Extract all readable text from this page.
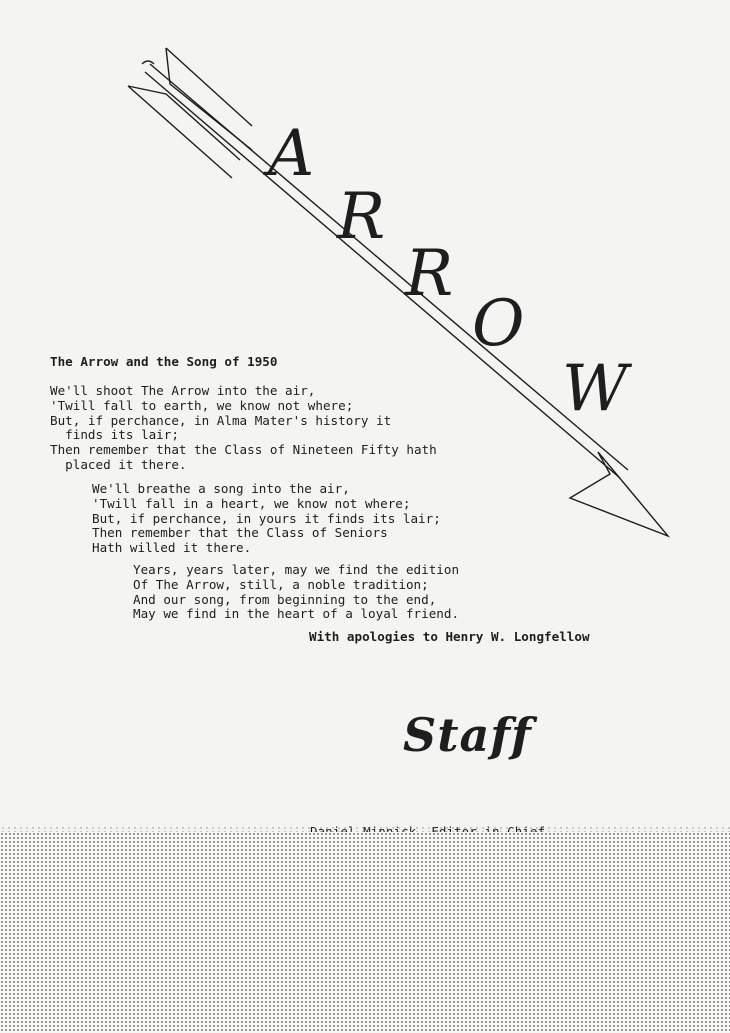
A
R
R
O
W
The Arrow and the Song of 1950
We'll shoot The Arrow into the air,
'Twill fall to earth, we know not where;
But, if perchance, in Alma Mater's history it
finds its lair;
Then remember that the Class of Nineteen Fifty hath
placed it there.
We'll breathe a song into the air,
'Twill fall in a heart, we know not where;
But, if perchance, in yours it finds its lair;
Then remember that the Class of Seniors
Hath willed it there.
Years, years later, may we find the edition
Of The Arrow, still, a noble tradition;
And our song, from beginning to the end,
May we find in the heart of a loyal friend.
With apologies to Henry W. Longfellow
Staff
